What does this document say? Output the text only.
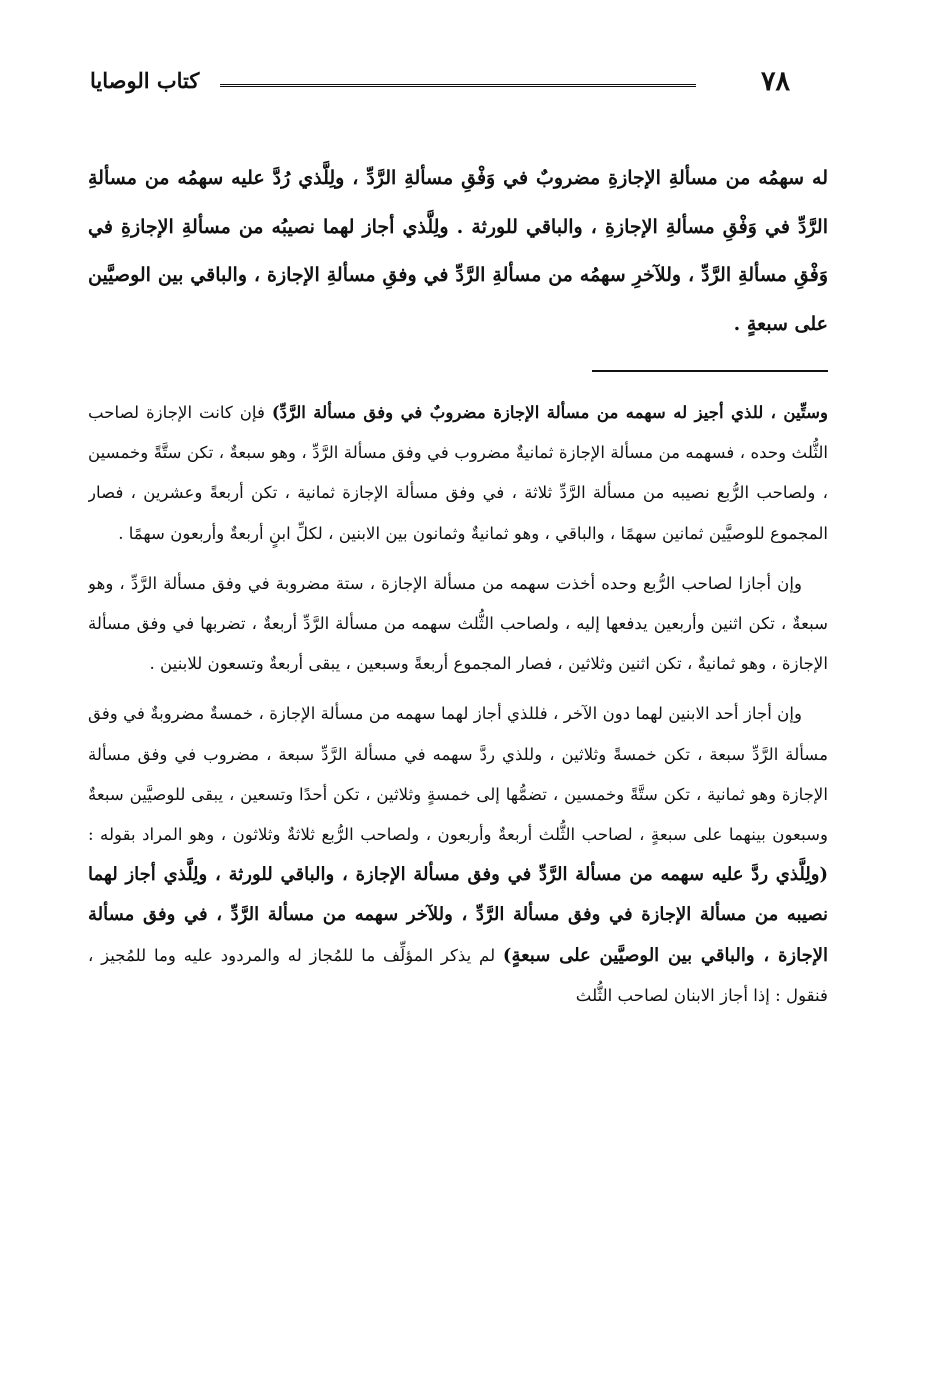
٧٨
كتاب الوصايا
له سهمُه من مسألةِ الإجازةِ مضروبٌ في وَفْقِ مسألةِ الرَّدِّ ، ولِلَّذي رُدَّ عليه سهمُه من مسألةِ الرَّدِّ في وَفْقِ مسألةِ الإجازةِ ، والباقي للورثة . ولِلَّذي أجاز لهما نصيبُه من مسألةِ الإجازةِ في وَفْقِ مسألةِ الرَّدِّ ، وللآخرِ سهمُه من مسألةِ الرَّدِّ في وفقِ مسألةِ الإجازة ، والباقي بين الوصيَّين على سبعةٍ .

وستِّين ، للذي أجيز له سهمه من مسألة الإجازة مضروبٌ في وفق مسألة الرَّدِّ) فإن كانت الإجازة لصاحب الثُّلث وحده ، فسهمه من مسألة الإجازة ثمانيةٌ مضروب في وفق مسألة الرَّدِّ ، وهو سبعةٌ ، تكن ستَّةً وخمسين ، ولصاحب الرُّبع نصيبه من مسألة الرَّدِّ ثلاثة ، في وفق مسألة الإجازة ثمانية ، تكن أربعةً وعشرين ، فصار المجموع للوصيَّين ثمانين سهمًا ، والباقي ، وهو ثمانيةٌ وثمانون بين الابنين ، لكلِّ ابنٍ أربعةٌ وأربعون سهمًا .

وإن أجازا لصاحب الرُّبع وحده أخذت سهمه من مسألة الإجازة ، ستة مضروبة في وفق مسألة الرَّدِّ ، وهو سبعةٌ ، تكن اثنين وأربعين يدفعها إليه ، ولصاحب الثُّلث سهمه من مسألة الرَّدِّ أربعةٌ ، تضربها في وفق مسألة الإجازة ، وهو ثمانيةٌ ، تكن اثنين وثلاثين ، فصار المجموع أربعةً وسبعين ، يبقى أربعةٌ وتسعون للابنين .

وإن أجاز أحد الابنين لهما دون الآخر ، فللذي أجاز لهما سهمه من مسألة الإجازة ، خمسةٌ مضروبةٌ في وفق مسألة الرَّدِّ سبعة ، تكن خمسةً وثلاثين ، وللذي ردَّ سهمه في مسألة الرَّدِّ سبعة ، مضروب في وفق مسألة الإجازة وهو ثمانية ، تكن ستَّةً وخمسين ، تضمُّها إلى خمسةٍ وثلاثين ، تكن أحدًا وتسعين ، يبقى للوصيَّين سبعةٌ وسبعون بينهما على سبعةٍ ، لصاحب الثُّلث أربعةٌ وأربعون ، ولصاحب الرُّبع ثلاثةٌ وثلاثون ، وهو المراد بقوله : (ولِلَّذي ردَّ عليه سهمه من مسألة الرَّدِّ في وفق مسألة الإجازة ، والباقي للورثة ، ولِلَّذي أجاز لهما نصيبه من مسألة الإجازة في وفق مسألة الرَّدِّ ، وللآخر سهمه من مسألة الرَّدِّ ، في وفق مسألة الإجازة ، والباقي بين الوصيَّين على سبعةٍ) لم يذكر المؤلِّف ما للمُجاز له والمردود عليه وما للمُجيز ، فنقول : إذا أجاز الابنان لصاحب الثُّلث
